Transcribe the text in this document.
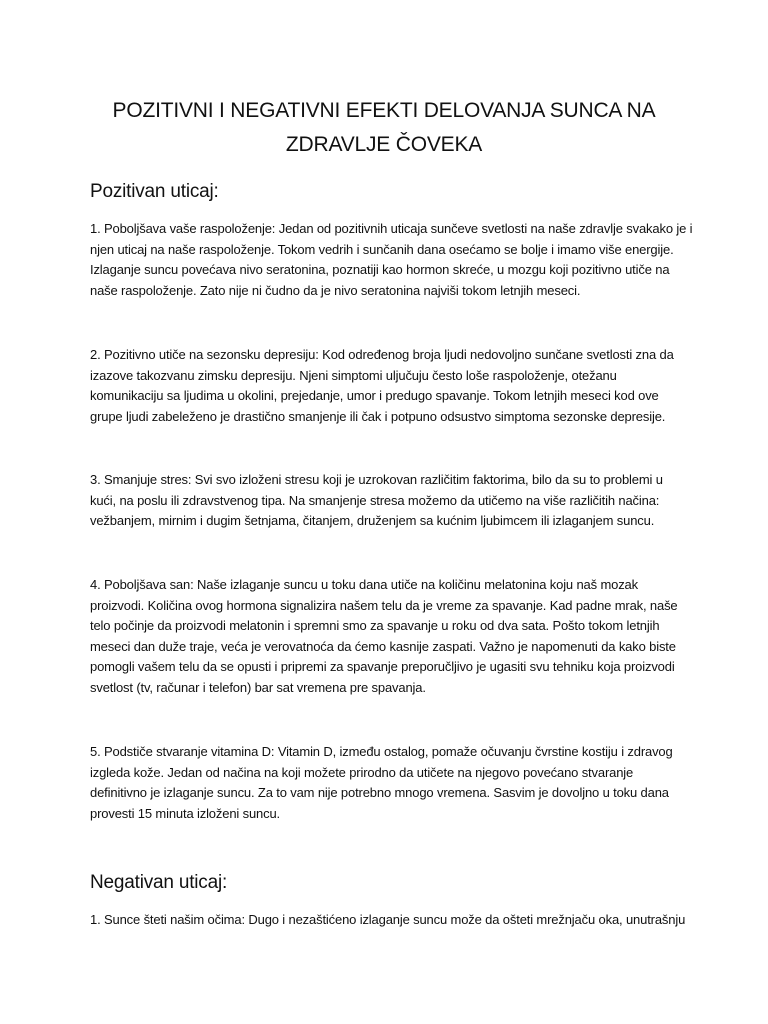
POZITIVNI I NEGATIVNI EFEKTI DELOVANJA SUNCA NA
ZDRAVLJE ČOVEKA
Pozitivan uticaj:

1. Poboljšava vaše raspoloženje: Jedan od pozitivnih uticaja sunčeve svetlosti na naše zdravlje svakako je i
njen uticaj na naše raspoloženje. Tokom vedrih i sunčanih dana osećamo se bolje i imamo više energije.
Izlaganje suncu povećava nivo seratonina, poznatiji kao hormon skreće, u mozgu koji pozitivno utiče na
naše raspoloženje. Zato nije ni čudno da je nivo seratonina najviši tokom letnjih meseci.

2. Pozitivno utiče na sezonsku depresiju: Kod određenog broja ljudi nedovoljno sunčane svetlosti zna da
izazove takozvanu zimsku depresiju. Njeni simptomi uljučuju često loše raspoloženje, otežanu
komunikaciju sa ljudima u okolini, prejedanje, umor i predugo spavanje. Tokom letnjih meseci kod ove
grupe ljudi zabeleženo je drastično smanjenje ili čak i potpuno odsustvo simptoma sezonske depresije.

3. Smanjuje stres: Svi svo izloženi stresu koji je uzrokovan različitim faktorima, bilo da su to problemi u
kući, na poslu ili zdravstvenog tipa. Na smanjenje stresa možemo da utičemo na više različitih načina:
vežbanjem, mirnim i dugim šetnjama, čitanjem, druženjem sa kućnim ljubimcem ili izlaganjem suncu.

4. Poboljšava san: Naše izlaganje suncu u toku dana utiče na količinu melatonina koju naš mozak
proizvodi. Količina ovog hormona signalizira našem telu da je vreme za spavanje. Kad padne mrak, naše
telo počinje da proizvodi melatonin i spremni smo za spavanje u roku od dva sata. Pošto tokom letnjih
meseci dan duže traje, veća je verovatnoća da ćemo kasnije zaspati. Važno je napomenuti da kako biste
pomogli vašem telu da se opusti i pripremi za spavanje preporučljivo je ugasiti svu tehniku koja proizvodi
svetlost (tv, računar i telefon) bar sat vremena pre spavanja.

5. Podstiče stvaranje vitamina D: Vitamin D, između ostalog, pomaže očuvanju čvrstine kostiju i zdravog
izgleda kože. Jedan od načina na koji možete prirodno da utičete na njegovo povećano stvaranje
definitivno je izlaganje suncu. Za to vam nije potrebno mnogo vremena. Sasvim je dovoljno u toku dana
provesti 15 minuta izloženi suncu.

Negativan uticaj:

1. Sunce šteti našim očima: Dugo i nezaštićeno izlaganje suncu može da ošteti mrežnjaču oka, unutrašnju
